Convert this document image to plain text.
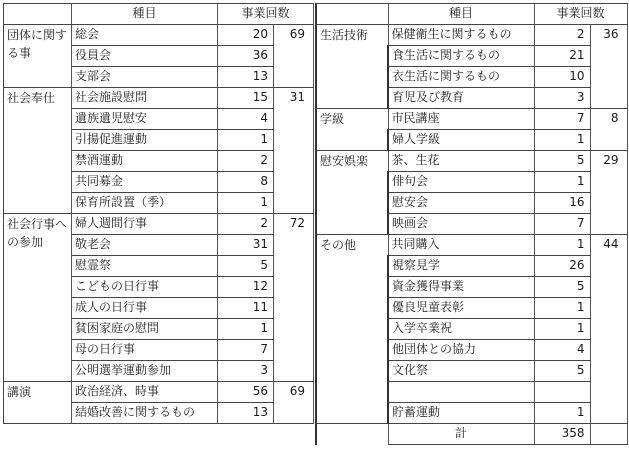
	種目	事業回数	
団体に関する事	総会	20	69
	役員会	36	
	支部会	13	
社会奉仕	社会施設慰問	15	31
	遺族遺児慰安	4	
	引揚促進運動	1	
	禁酒運動	2	
	共同募金	8	
	保育所設置（季）	1	
社会行事への参加	婦人週間行事	2	72
	敬老会	31	
	慰霊祭	5	
	こどもの日行事	12	
	成人の日行事	11	
	貧困家庭の慰問	1	
	母の日行事	7	
	公明選挙運動参加	3	
講演	政治経済、時事	56	69
	結婚改善に関するもの	13	
	種目	事業回数	
生活技術	保健衛生に関するもの	2	36
	食生活に関するもの	21	
	衣生活に関するもの	10	
	育児及び教育	3	
学級	市民講座	7	8
	婦人学級	1	
慰安娯楽	茶、生花	5	29
	俳句会	1	
	慰安会	16	
	映画会	7	
その他	共同購入	1	44
	視察見学	26	
	資金獲得事業	5	
	優良児童表彰	1	
	入学卒業祝	1	
	他団体との協力	4	
	文化祭	5	

	貯蓄運動	1	
	計	358	
